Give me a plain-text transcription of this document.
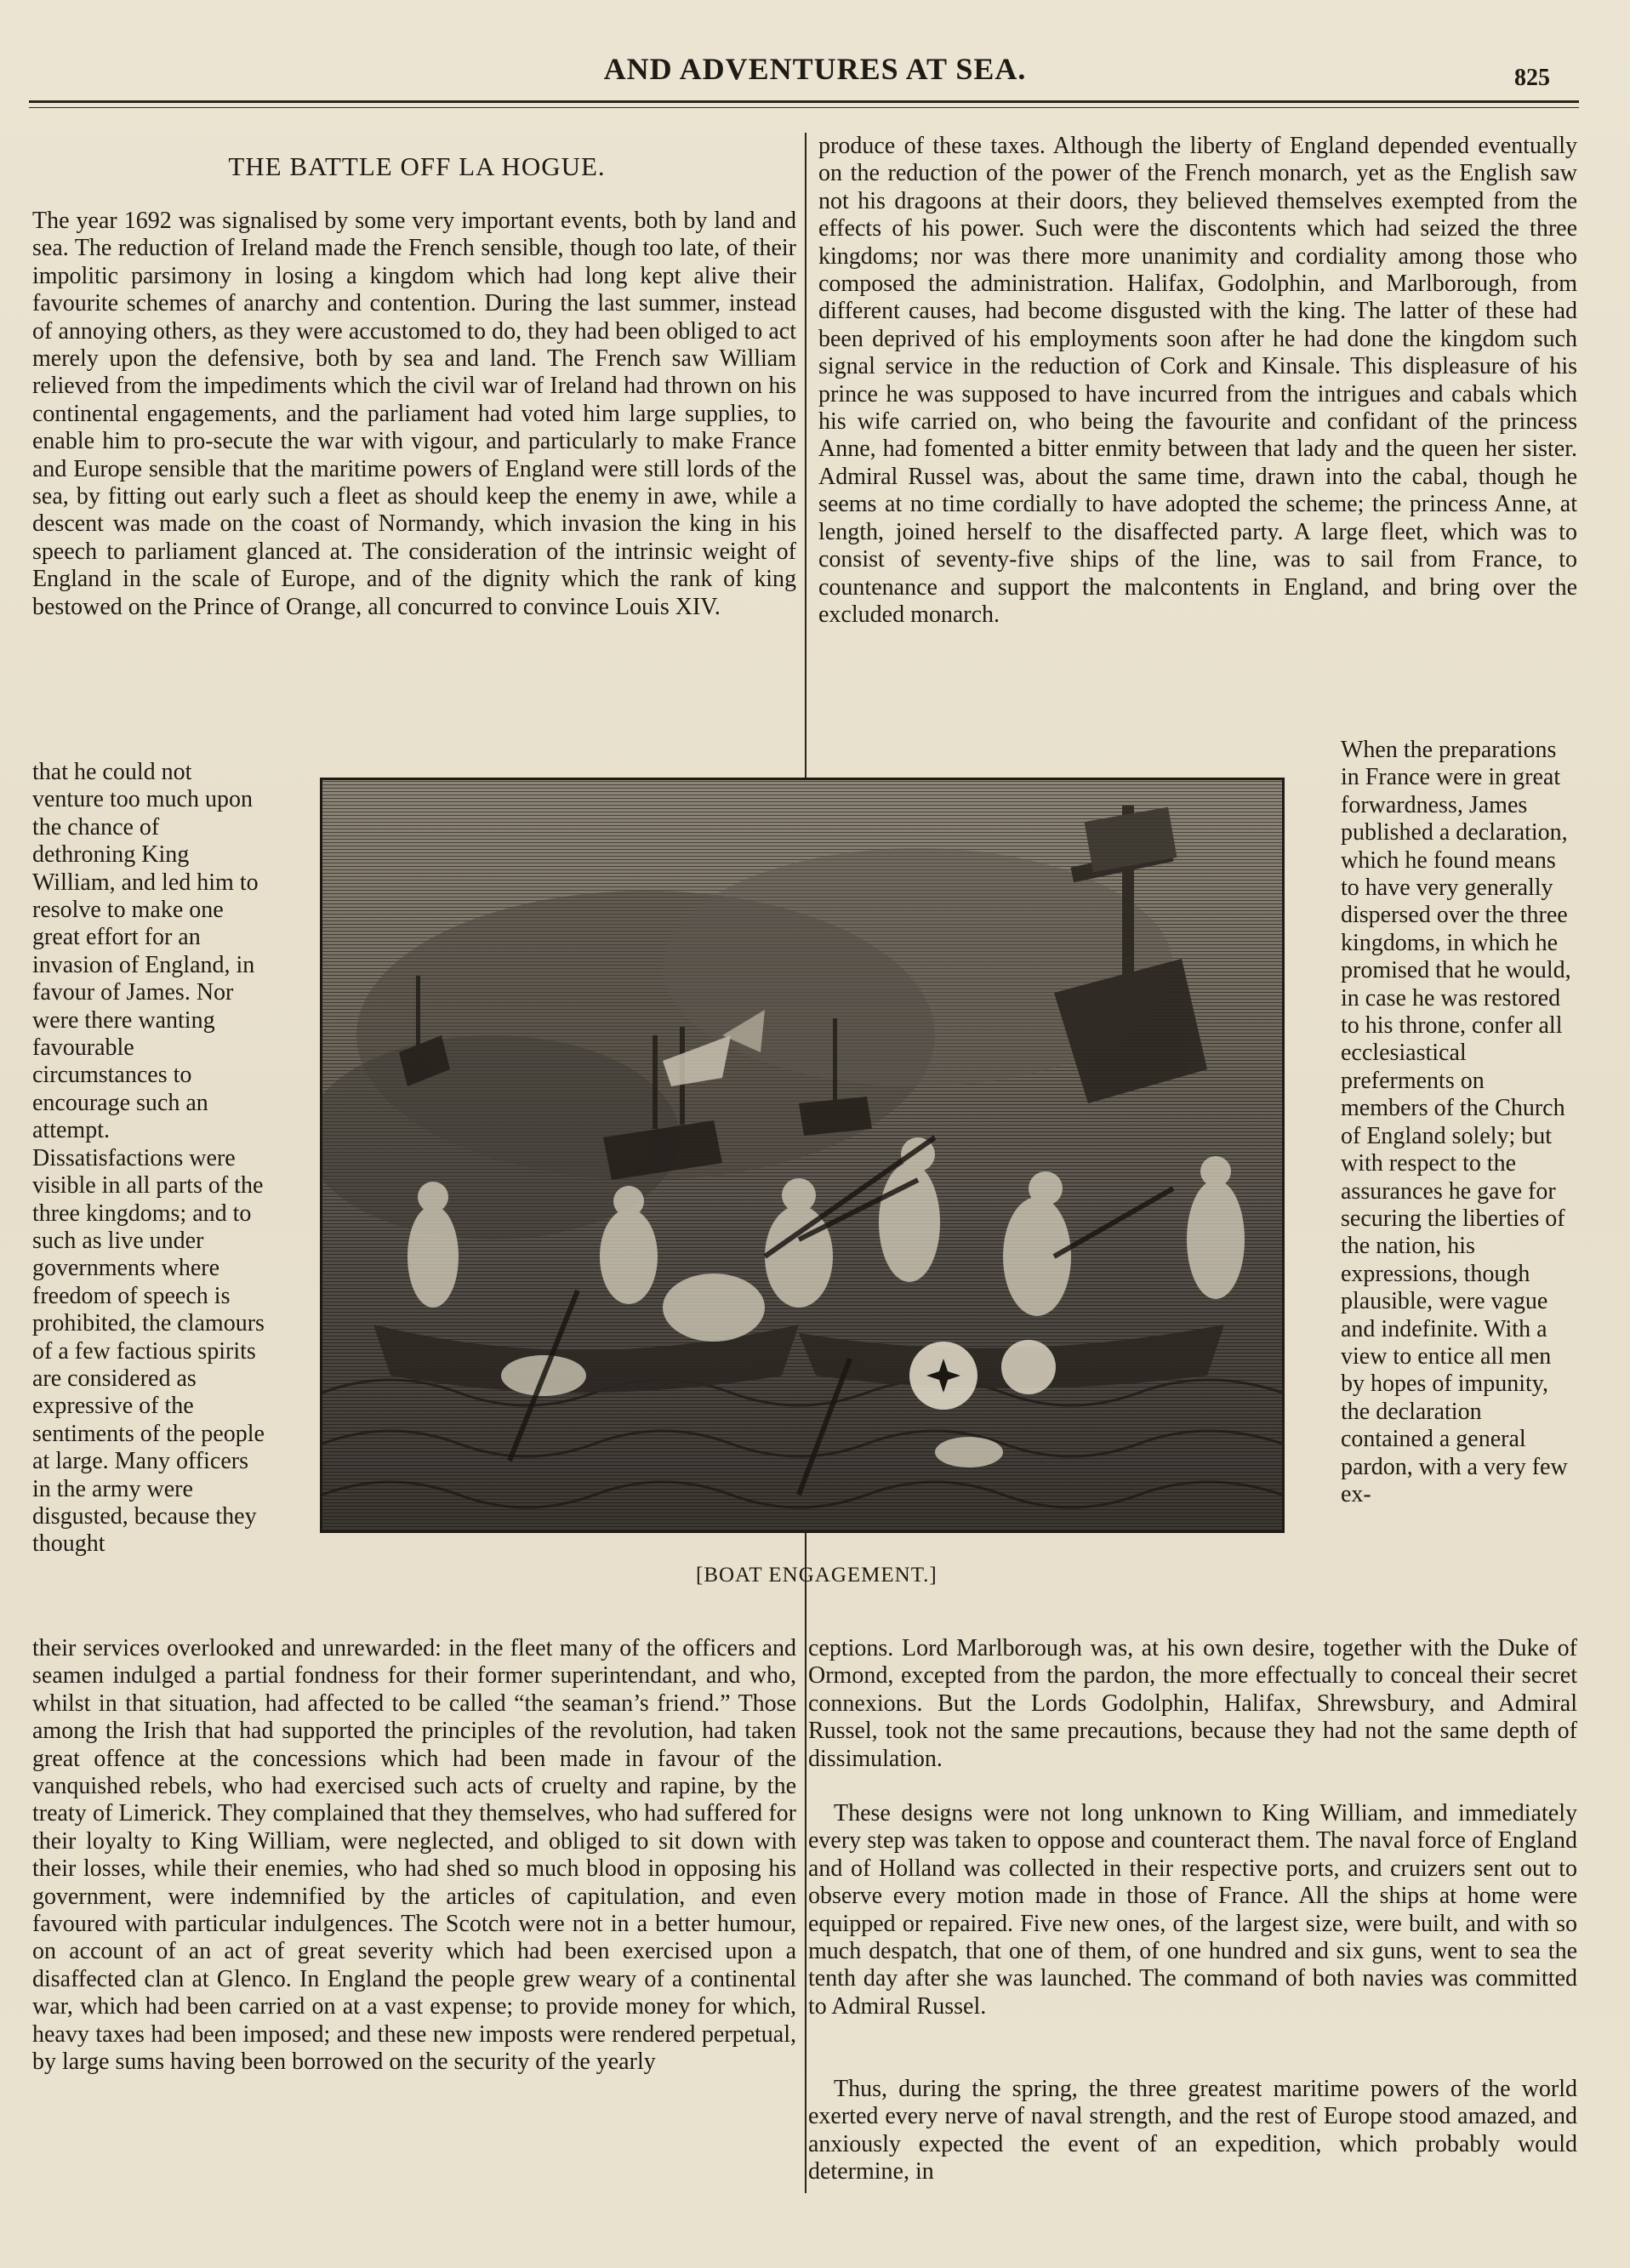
AND ADVENTURES AT SEA.	825
THE BATTLE OFF LA HOGUE.

The year 1692 was signalised by some very important events, both by land and sea. The reduction of Ireland made the French sensible, though too late, of their impolitic parsimony in losing a kingdom which had long kept alive their favourite schemes of anarchy and contention. During the last summer, instead of annoying others, as they were accustomed to do, they had been obliged to act merely upon the defensive, both by sea and land. The French saw William relieved from the impediments which the civil war of Ireland had thrown on his continental engagements, and the parliament had voted him large supplies, to enable him to pro-secute the war with vigour, and particularly to make France and Europe sensible that the maritime powers of England were still lords of the sea, by fitting out early such a fleet as should keep the enemy in awe, while a descent was made on the coast of Normandy, which invasion the king in his speech to parliament glanced at. The consideration of the intrinsic weight of England in the scale of Europe, and of the dignity which the rank of king bestowed on the Prince of Orange, all concurred to convince Louis XIV.

that he could not venture too much upon the chance of dethroning King William, and led him to resolve to make one great effort for an invasion of England, in favour of James. Nor were there wanting favourable circumstances to encourage such an attempt. Dissatisfactions were visible in all parts of the three kingdoms; and to such as live under governments where freedom of speech is prohibited, the clamours of a few factious spirits are considered as expressive of the sentiments of the people at large. Many officers in the army were disgusted, because they thought

their services overlooked and unrewarded: in the fleet many of the officers and seamen indulged a partial fondness for their former superintendant, and who, whilst in that situation, had affected to be called “the seaman’s friend.” Those among the Irish that had supported the principles of the revolution, had taken great offence at the concessions which had been made in favour of the vanquished rebels, who had exercised such acts of cruelty and rapine, by the treaty of Limerick. They complained that they themselves, who had suffered for their loyalty to King William, were neglected, and obliged to sit down with their losses, while their enemies, who had shed so much blood in opposing his government, were indemnified by the articles of capitulation, and even favoured with particular indulgences. The Scotch were not in a better humour, on account of an act of great severity which had been exercised upon a disaffected clan at Glenco. In England the people grew weary of a continental war, which had been carried on at a vast expense; to provide money for which, heavy taxes had been imposed; and these new imposts were rendered perpetual, by large sums having been borrowed on the security of the yearly

produce of these taxes. Although the liberty of England depended eventually on the reduction of the power of the French monarch, yet as the English saw not his dragoons at their doors, they believed themselves exempted from the effects of his power. Such were the discontents which had seized the three kingdoms; nor was there more unanimity and cordiality among those who composed the administration. Halifax, Godolphin, and Marlborough, from different causes, had become disgusted with the king. The latter of these had been deprived of his employments soon after he had done the kingdom such signal service in the reduction of Cork and Kinsale. This displeasure of his prince he was supposed to have incurred from the intrigues and cabals which his wife carried on, who being the favourite and confidant of the princess Anne, had fomented a bitter enmity between that lady and the queen her sister. Admiral Russel was, about the same time, drawn into the cabal, though he seems at no time cordially to have adopted the scheme; the princess Anne, at length, joined herself to the disaffected party. A large fleet, which was to consist of seventy-five ships of the line, was to sail from France, to countenance and support the malcontents in England, and bring over the excluded monarch.

When the preparations in France were in great forwardness, James published a declaration, which he found means to have very generally dispersed over the three kingdoms, in which he promised that he would, in case he was restored to his throne, confer all ecclesiastical preferments on members of the Church of England solely; but with respect to the assurances he gave for securing the liberties of the nation, his expressions, though plausible, were vague and indefinite. With a view to entice all men by hopes of impunity, the declaration contained a general pardon, with a very few ex-

ceptions. Lord Marlborough was, at his own desire, together with the Duke of Ormond, excepted from the pardon, the more effectually to conceal their secret connexions. But the Lords Godolphin, Halifax, Shrewsbury, and Admiral Russel, took not the same precautions, because they had not the same depth of dissimulation.

These designs were not long unknown to King William, and immediately every step was taken to oppose and counteract them. The naval force of England and of Holland was collected in their respective ports, and cruizers sent out to observe every motion made in those of France. All the ships at home were equipped or repaired. Five new ones, of the largest size, were built, and with so much despatch, that one of them, of one hundred and six guns, went to sea the tenth day after she was launched. The command of both navies was committed to Admiral Russel.

Thus, during the spring, the three greatest maritime powers of the world exerted every nerve of naval strength, and the rest of Europe stood amazed, and anxiously expected the event of an expedition, which probably would determine, in

[BOAT ENGAGEMENT.]
